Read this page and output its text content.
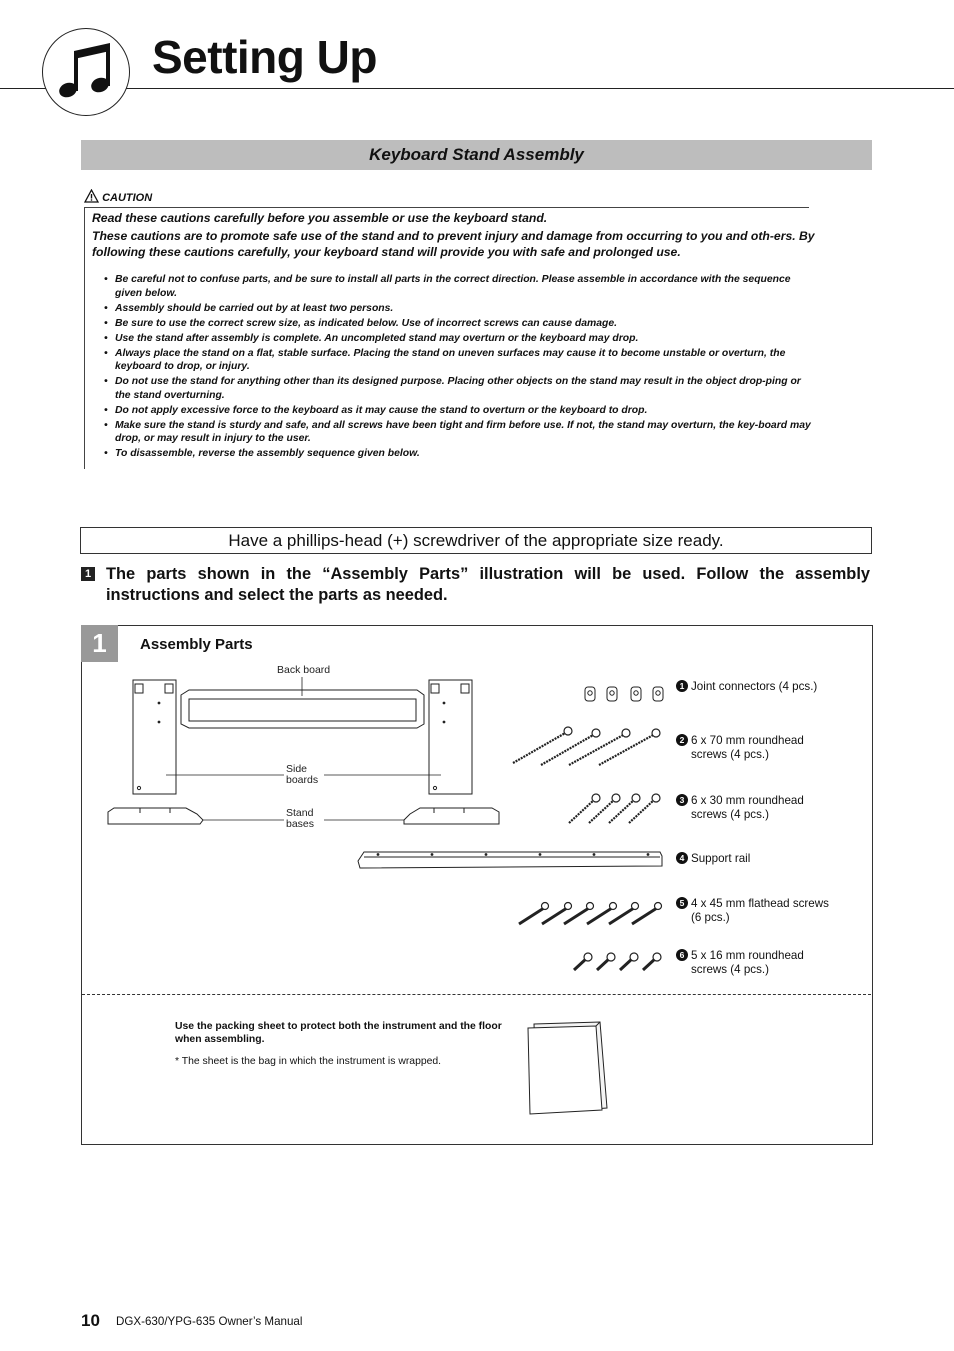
Setting Up
Keyboard Stand Assembly
CAUTION
Read these cautions carefully before you assemble or use the keyboard stand.
These cautions are to promote safe use of the stand and to prevent injury and damage from occurring to you and oth-ers. By following these cautions carefully, your keyboard stand will provide you with safe and prolonged use.
• Be careful not to confuse parts, and be sure to install all parts in the correct direction. Please assemble in accordance with the sequence given below.
• Assembly should be carried out by at least two persons.
• Be sure to use the correct screw size, as indicated below. Use of incorrect screws can cause damage.
• Use the stand after assembly is complete. An uncompleted stand may overturn or the keyboard may drop.
• Always place the stand on a flat, stable surface. Placing the stand on uneven surfaces may cause it to become unstable or overturn, the keyboard to drop, or injury.
• Do not use the stand for anything other than its designed purpose. Placing other objects on the stand may result in the object drop-ping or the stand overturning.
• Do not apply excessive force to the keyboard as it may cause the stand to overturn or the keyboard to drop.
• Make sure the stand is sturdy and safe, and all screws have been tight and firm before use. If not, the stand may overturn, the key-board may drop, or may result in injury to the user.
• To disassemble, reverse the assembly sequence given below.
Have a phillips-head (+) screwdriver of the appropriate size ready.
1 The parts shown in the “Assembly Parts” illustration will be used. Follow the assembly instructions and select the parts as needed.
1	Assembly Parts
Back board
Side
boards
Stand
bases
1 Joint connectors (4 pcs.)
2 6 x 70 mm roundhead
screws (4 pcs.)
3 6 x 30 mm roundhead
screws (4 pcs.)
4 Support rail
5 4 x 45 mm flathead screws
(6 pcs.)
6 5 x 16 mm roundhead
screws (4 pcs.)
Use the packing sheet to protect both the instrument and the floor when assembling.
* The sheet is the bag in which the instrument is wrapped.
10 DGX-630/YPG-635 Owner’s Manual
